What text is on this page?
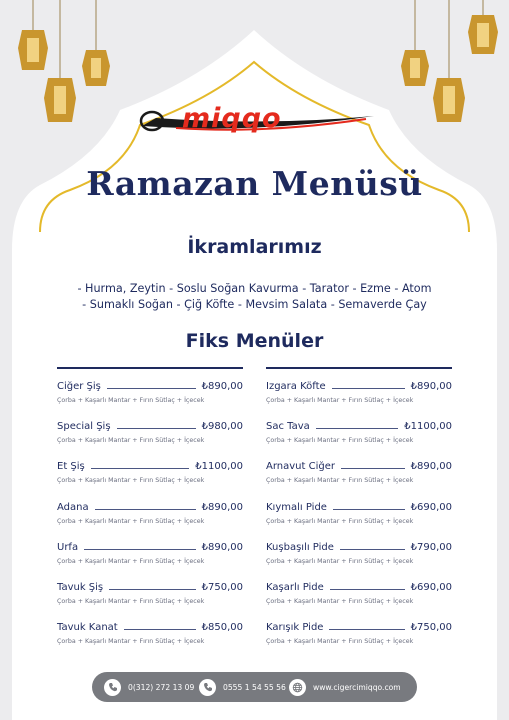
miqqo
Ramazan Menüsü
İkramlarımız
- Hurma, Zeytin - Soslu Soğan Kavurma - Tarator - Ezme - Atom
- Sumaklı Soğan - Çiğ Köfte - Mevsim Salata - Semaverde Çay
Fiks Menüler
Ciğer Şiş	₺890,00
Çorba + Kaşarlı Mantar + Fırın Sütlaç + İçecek
Special Şiş	₺980,00
Çorba + Kaşarlı Mantar + Fırın Sütlaç + İçecek
Et Şiş	₺1100,00
Çorba + Kaşarlı Mantar + Fırın Sütlaç + İçecek
Adana	₺890,00
Çorba + Kaşarlı Mantar + Fırın Sütlaç + İçecek
Urfa	₺890,00
Çorba + Kaşarlı Mantar + Fırın Sütlaç + İçecek
Tavuk Şiş	₺750,00
Çorba + Kaşarlı Mantar + Fırın Sütlaç + İçecek
Tavuk Kanat	₺850,00
Çorba + Kaşarlı Mantar + Fırın Sütlaç + İçecek
Izgara Köfte	₺890,00
Çorba + Kaşarlı Mantar + Fırın Sütlaç + İçecek
Sac Tava	₺1100,00
Çorba + Kaşarlı Mantar + Fırın Sütlaç + İçecek
Arnavut Ciğer	₺890,00
Çorba + Kaşarlı Mantar + Fırın Sütlaç + İçecek
Kıymalı Pide	₺690,00
Çorba + Kaşarlı Mantar + Fırın Sütlaç + İçecek
Kuşbaşılı Pide	₺790,00
Çorba + Kaşarlı Mantar + Fırın Sütlaç + İçecek
Kaşarlı Pide	₺690,00
Çorba + Kaşarlı Mantar + Fırın Sütlaç + İçecek
Karışık Pide	₺750,00
Çorba + Kaşarlı Mantar + Fırın Sütlaç + İçecek
0(312) 272 13 09	0555 1 54 55 56	www.cigercimiqqo.com
